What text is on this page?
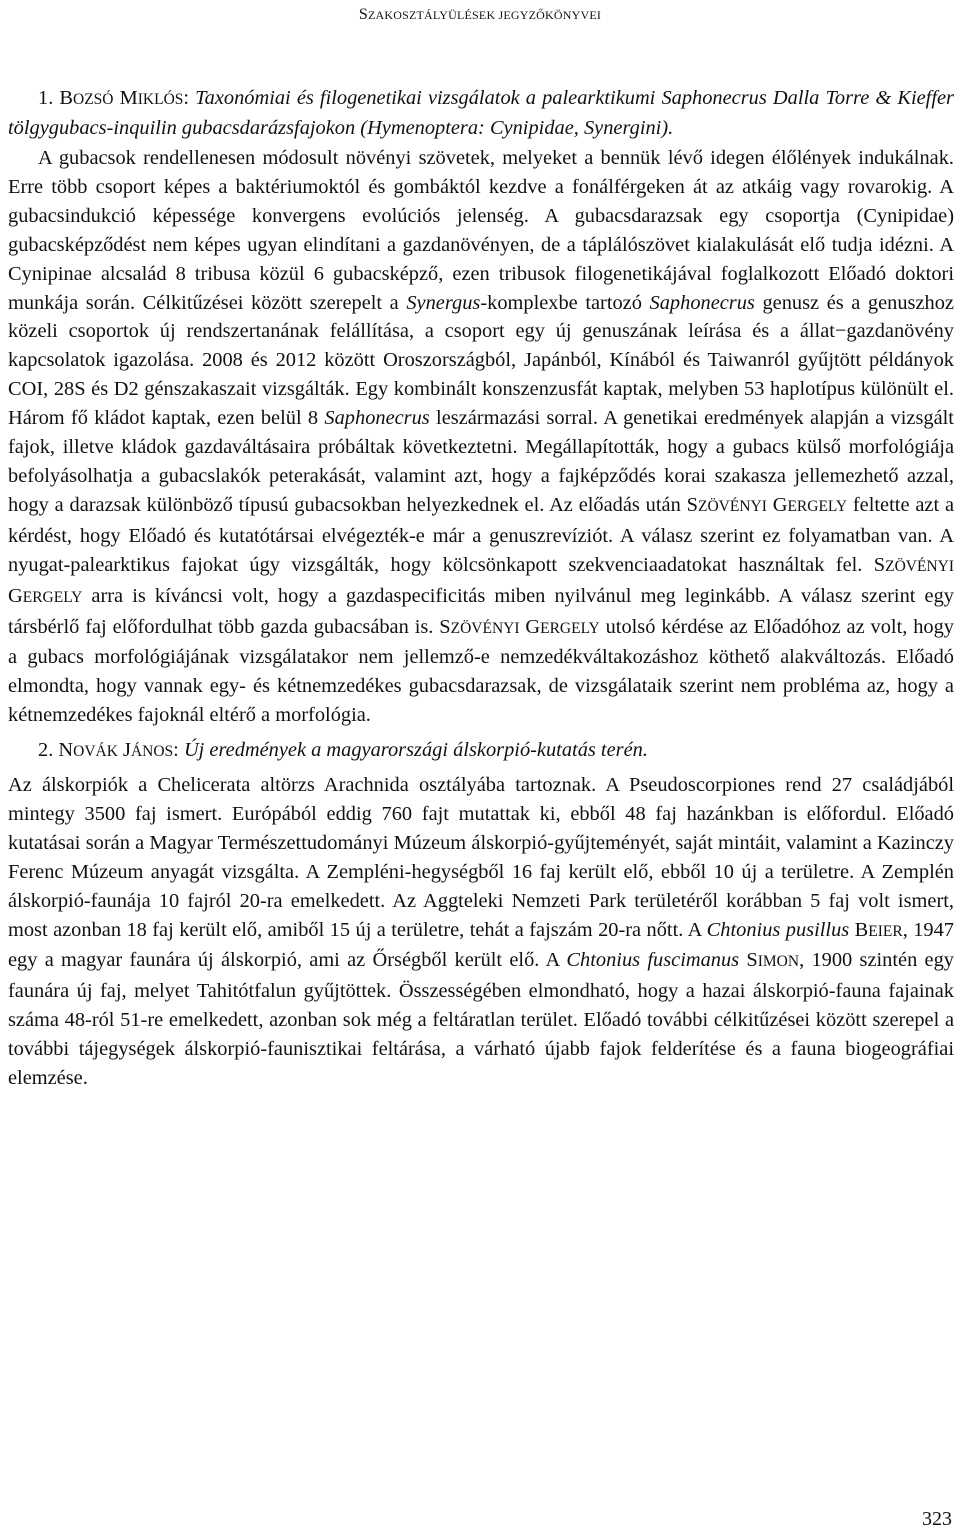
SZAKOSZTÁLYÜLÉSEK JEGYZŐKÖNYVEI

1. BOZSÓ MIKLÓS: Taxonómiai és filogenetikai vizsgálatok a palearktikumi Saphonecrus Dalla Torre & Kieffer tölgygubacs-inquilin gubacsdarázsfajokon (Hymenoptera: Cynipidae, Synergini).

A gubacsok rendellenesen módosult növényi szövetek, melyeket a bennük lévő idegen élőlények indukálnak. Erre több csoport képes a baktériumoktól és gombáktól kezdve a fonálférgeken át az atkáig vagy rovarokig. A gubacsindukció képessége konvergens evolúciós jelenség. A gubacsdarazsak egy csoportja (Cynipidae) gubacsképződést nem képes ugyan elindítani a gazdanövényen, de a táplálószövet kialakulását elő tudja idézni. A Cynipinae alcsalád 8 tribusa közül 6 gubacsképző, ezen tribusok filogenetikájával foglalkozott Előadó doktori munkája során. Célkitűzései között szerepelt a Synergus-komplexbe tartozó Saphonecrus genusz és a genuszhoz közeli csoportok új rendszertanának felállítása, a csoport egy új genuszának leírása és a állat−gazdanövény kapcsolatok igazolása. 2008 és 2012 között Oroszországból, Japánból, Kínából és Taiwanról gyűjtött példányok COI, 28S és D2 génszakaszait vizsgálták. Egy kombinált konszenzusfát kaptak, melyben 53 haplotípus különült el. Három fő kládot kaptak, ezen belül 8 Saphonecrus leszármazási sorral. A genetikai eredmények alapján a vizsgált fajok, illetve kládok gazdaváltásaira próbáltak következtetni. Megállapították, hogy a gubacs külső morfológiája befolyásolhatja a gubacslakók peterakását, valamint azt, hogy a fajképződés korai szakasza jellemezhető azzal, hogy a darazsak különböző típusú gubacsokban helyezkednek el. Az előadás után SZÖVÉNYI GERGELY feltette azt a kérdést, hogy Előadó és kutatótársai elvégezték-e már a genuszrevíziót. A válasz szerint ez folyamatban van. A nyugat-palearktikus fajokat úgy vizsgálták, hogy kölcsönkapott szekvenciaadatokat használtak fel. SZÖVÉNYI GERGELY arra is kíváncsi volt, hogy a gazdaspecificitás miben nyilvánul meg leginkább. A válasz szerint egy társbérlő faj előfordulhat több gazda gubacsában is. SZÖVÉNYI GERGELY utolsó kérdése az Előadóhoz az volt, hogy a gubacs morfológiájának vizsgálatakor nem jellemző-e nemzedékváltakozáshoz köthető alakváltozás. Előadó elmondta, hogy vannak egy- és kétnemzedékes gubacsdarazsak, de vizsgálataik szerint nem probléma az, hogy a kétnemzedékes fajoknál eltérő a morfológia.

2. NOVÁK JÁNOS: Új eredmények a magyarországi álskorpió-kutatás terén.

Az álskorpiók a Chelicerata altörzs Arachnida osztályába tartoznak. A Pseudoscorpiones rend 27 családjából mintegy 3500 faj ismert. Európából eddig 760 fajt mutattak ki, ebből 48 faj hazánkban is előfordul. Előadó kutatásai során a Magyar Természettudományi Múzeum álskorpió-gyűjteményét, saját mintáit, valamint a Kazinczy Ferenc Múzeum anyagát vizsgálta. A Zempléni-hegységből 16 faj került elő, ebből 10 új a területre. A Zemplén álskorpió-faunája 10 fajról 20-ra emelkedett. Az Aggteleki Nemzeti Park területéről korábban 5 faj volt ismert, most azonban 18 faj került elő, amiből 15 új a területre, tehát a fajszám 20-ra nőtt. A Chtonius pusillus BEIER, 1947 egy a magyar faunára új álskorpió, ami az Őrségből került elő. A Chtonius fuscimanus SIMON, 1900 szintén egy faunára új faj, melyet Tahitótfalun gyűjtöttek. Összességében elmondható, hogy a hazai álskorpió-fauna fajainak száma 48-ról 51-re emelkedett, azonban sok még a feltáratlan terület. Előadó további célkitűzései között szerepel a további tájegységek álskorpió-faunisztikai feltárása, a várható újabb fajok felderítése és a fauna biogeográfiai elemzése.

323
